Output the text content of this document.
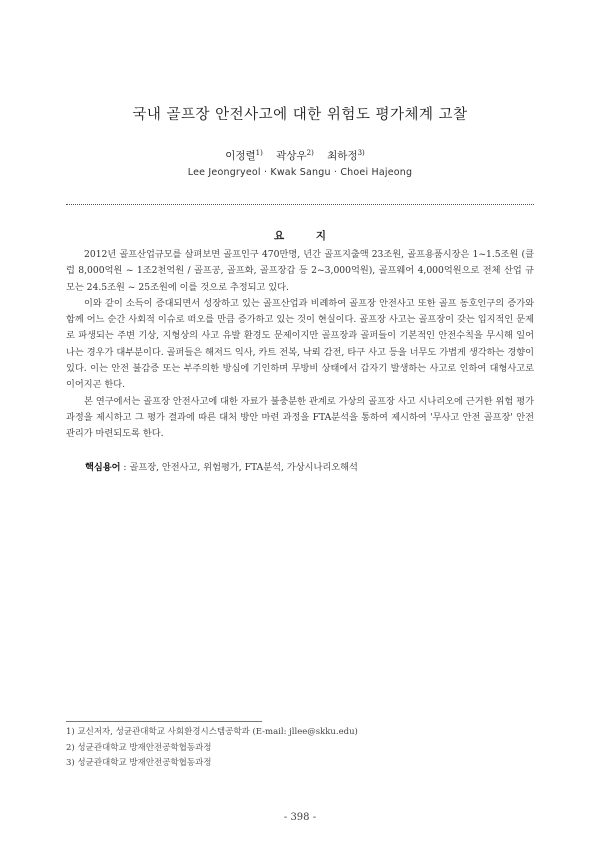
국내 골프장 안전사고에 대한 위험도 평가체계 고찰
이정렬$^{1)}$ 곽상우$^{2)}$ 최하정$^{3)}$
Lee Jeongryeol · Kwak Sangu · Choei Hajeong
요 지

2012년 골프산업규모를 살펴보면 골프인구 470만명, 년간 골프지출액 23조원, 골프용품시장은 1~1.5조원 (클럽 8,000억원 ~ 1조2천억원 / 골프공, 골프화, 골프장갑 등 2~3,000억원), 골프웨어 4,000억원으로 전체 산업 규모는 24.5조원 ~ 25조원에 이를 것으로 추정되고 있다.

이와 같이 소득이 증대되면서 성장하고 있는 골프산업과 비례하여 골프장 안전사고 또한 골프 동호인구의 증가와 함께 어느 순간 사회적 이슈로 떠오를 만큼 증가하고 있는 것이 현실이다. 골프장 사고는 골프장이 갖는 입지적인 문제로 파생되는 주변 기상, 지형상의 사고 유발 환경도 문제이지만 골프장과 골퍼들이 기본적인 안전수칙을 무시해 일어나는 경우가 대부분이다. 골퍼들은 해저드 익사, 카트 전복, 낙뢰 감전, 타구 사고 등을 너무도 가볍게 생각하는 경향이 있다. 이는 안전 불감증 또는 부주의한 방심에 기인하며 무방비 상태에서 갑자기 발생하는 사고로 인하여 대형사고로 이어지곤 한다.

본 연구에서는 골프장 안전사고에 대한 자료가 불충분한 관계로 가상의 골프장 사고 시나리오에 근거한 위험 평가 과정을 제시하고 그 평가 결과에 따른 대처 방안 마련 과정을 FTA분석을 통하여 제시하여 '무사고 안전 골프장' 안전관리가 마련되도록 한다.

핵심용어 : 골프장, 안전사고, 위험평가, FTA분석, 가상시나리오해석
1) 교신저자, 성균관대학교 사회환경시스템공학과 (E-mail: jllee@skku.edu)
2) 성균관대학교 방재안전공학협동과정
3) 성균관대학교 방재안전공학협동과정
- 398 -
